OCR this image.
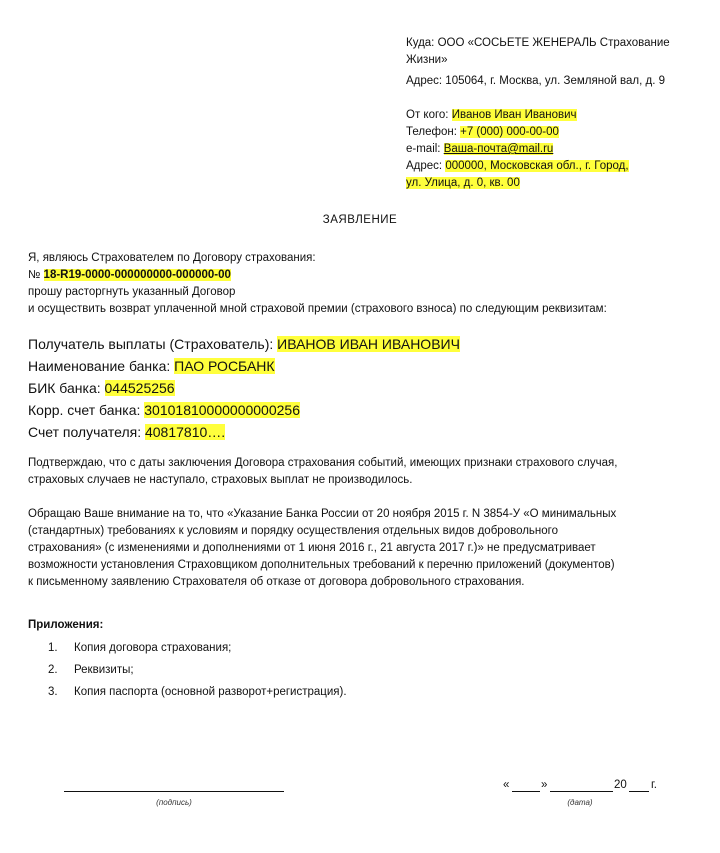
Куда: ООО «СОСЬЕТЕ ЖЕНЕРАЛЬ Страхование

Жизни»

Адрес: 105064, г. Москва, ул. Земляной вал, д. 9

От кого: Иванов Иван Иванович

Телефон: +7 (000) 000-00-00

e-mail: Ваша-почта@mail.ru

Адрес: 000000, Московская обл., г. Город,

ул. Улица, д. 0, кв. 00

ЗАЯВЛЕНИЕ

Я, являюсь Страхователем по Договору страхования:

№ 18-R19-0000-000000000-000000-00

прошу расторгнуть указанный Договор

и осуществить возврат уплаченной мной страховой премии (страхового взноса) по следующим реквизитам:

Получатель выплаты (Страхователь): ИВАНОВ ИВАН ИВАНОВИЧ

Наименование банка: ПАО РОСБАНК

БИК банка: 044525256

Корр. счет банка: 30101810000000000256

Счет получателя: 40817810….

Подтверждаю, что с даты заключения Договора страхования событий, имеющих признаки страхового случая,

страховых случаев не наступало, страховых выплат не производилось.

Обращаю Ваше внимание на то, что «Указание Банка России от 20 ноября 2015 г. N 3854-У «О минимальных

(стандартных) требованиях к условиям и порядку осуществления отдельных видов добровольного

страхования» (с изменениями и дополнениями от 1 июня 2016 г., 21 августа 2017 г.)» не предусматривает

возможности установления Страховщиком дополнительных требований к перечню приложений (документов)

к письменному заявлению Страхователя об отказе от договора добровольного страхования.

Приложения:
1.	Копия договора страхования;
2.	Реквизиты;
3.	Копия паспорта (основной разворот+регистрация).
(подпись)
«	»	20 г.
(дата)
